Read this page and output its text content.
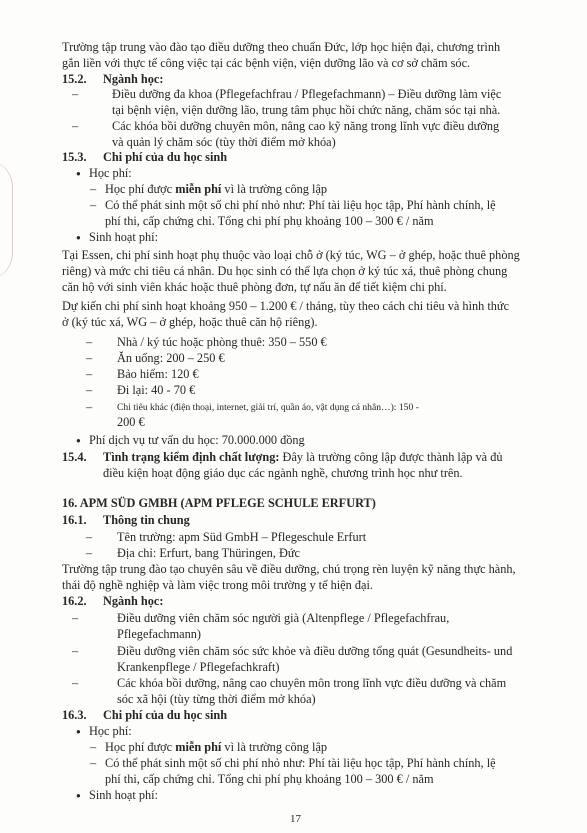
Trường tập trung vào đào tạo điều dưỡng theo chuẩn Đức, lớp học hiện đại, chương trình
gắn liền với thực tế công việc tại các bệnh viện, viện dưỡng lão và cơ sở chăm sóc.
15.2. Ngành học:
–	Điều dưỡng đa khoa (Pflegefachfrau / Pflegefachmann) – Điều dưỡng làm việc
tại bệnh viện, viện dưỡng lão, trung tâm phục hồi chức năng, chăm sóc tại nhà.
–	Các khóa bồi dưỡng chuyên môn, nâng cao kỹ năng trong lĩnh vực điều dưỡng
và quản lý chăm sóc (tùy thời điểm mở khóa)
15.3. Chi phí của du học sinh
● Học phí:
– Học phí được miễn phí vì là trường công lập
– Có thể phát sinh một số chi phí nhỏ như: Phí tài liệu học tập, Phí hành chính, lệ
phí thi, cấp chứng chỉ. Tổng chi phí phụ khoảng 100 – 300 € / năm
● Sinh hoạt phí:
Tại Essen, chi phí sinh hoạt phụ thuộc vào loại chỗ ở (ký túc, WG – ở ghép, hoặc thuê phòng
riêng) và mức chi tiêu cá nhân. Du học sinh có thể lựa chọn ở ký túc xá, thuê phòng chung
căn hộ với sinh viên khác hoặc thuê phòng đơn, tự nấu ăn để tiết kiệm chi phí.
Dự kiến chi phí sinh hoạt khoảng 950 – 1.200 € / tháng, tùy theo cách chi tiêu và hình thức
ở (ký túc xá, WG – ở ghép, hoặc thuê căn hộ riêng).
– Nhà / ký túc hoặc phòng thuê: 350 – 550 €
– Ăn uống: 200 – 250 €
– Bảo hiểm: 120 €
– Đi lại: 40 - 70 €
–	Chi tiêu khác (điện thoại, internet, giải trí, quần áo, vật dụng cá nhân…): 150 -
200 €
● Phí dịch vụ tư vấn du học: 70.000.000 đồng
15.4. Tình trạng kiểm định chất lượng: Đây là trường công lập được thành lập và đủ
điều kiện hoạt động giáo dục các ngành nghề, chương trình học như trên.
16. APM SÜD GMBH (APM PFLEGE SCHULE ERFURT)
16.1. Thông tin chung
– Tên trường: apm Süd GmbH – Pflegeschule Erfurt
– Địa chỉ: Erfurt, bang Thüringen, Đức
Trường tập trung đào tạo chuyên sâu về điều dưỡng, chú trọng rèn luyện kỹ năng thực hành,
thái độ nghề nghiệp và làm việc trong môi trường y tế hiện đại.
16.2. Ngành học:
–	Điều dưỡng viên chăm sóc người già (Altenpflege / Pflegefachfrau,
Pflegefachmann)
–	Điều dưỡng viên chăm sóc sức khỏe và điều dưỡng tổng quát (Gesundheits- und
Krankenpflege / Pflegefachkraft)
–	Các khóa bồi dưỡng, nâng cao chuyên môn trong lĩnh vực điều dưỡng và chăm
sóc xã hội (tùy từng thời điểm mở khóa)
16.3. Chi phí của du học sinh
● Học phí:
– Học phí được miễn phí vì là trường công lập
– Có thể phát sinh một số chi phí nhỏ như: Phí tài liệu học tập, Phí hành chính, lệ
phí thi, cấp chứng chỉ. Tổng chi phí phụ khoảng 100 – 300 € / năm
● Sinh hoạt phí:
17
